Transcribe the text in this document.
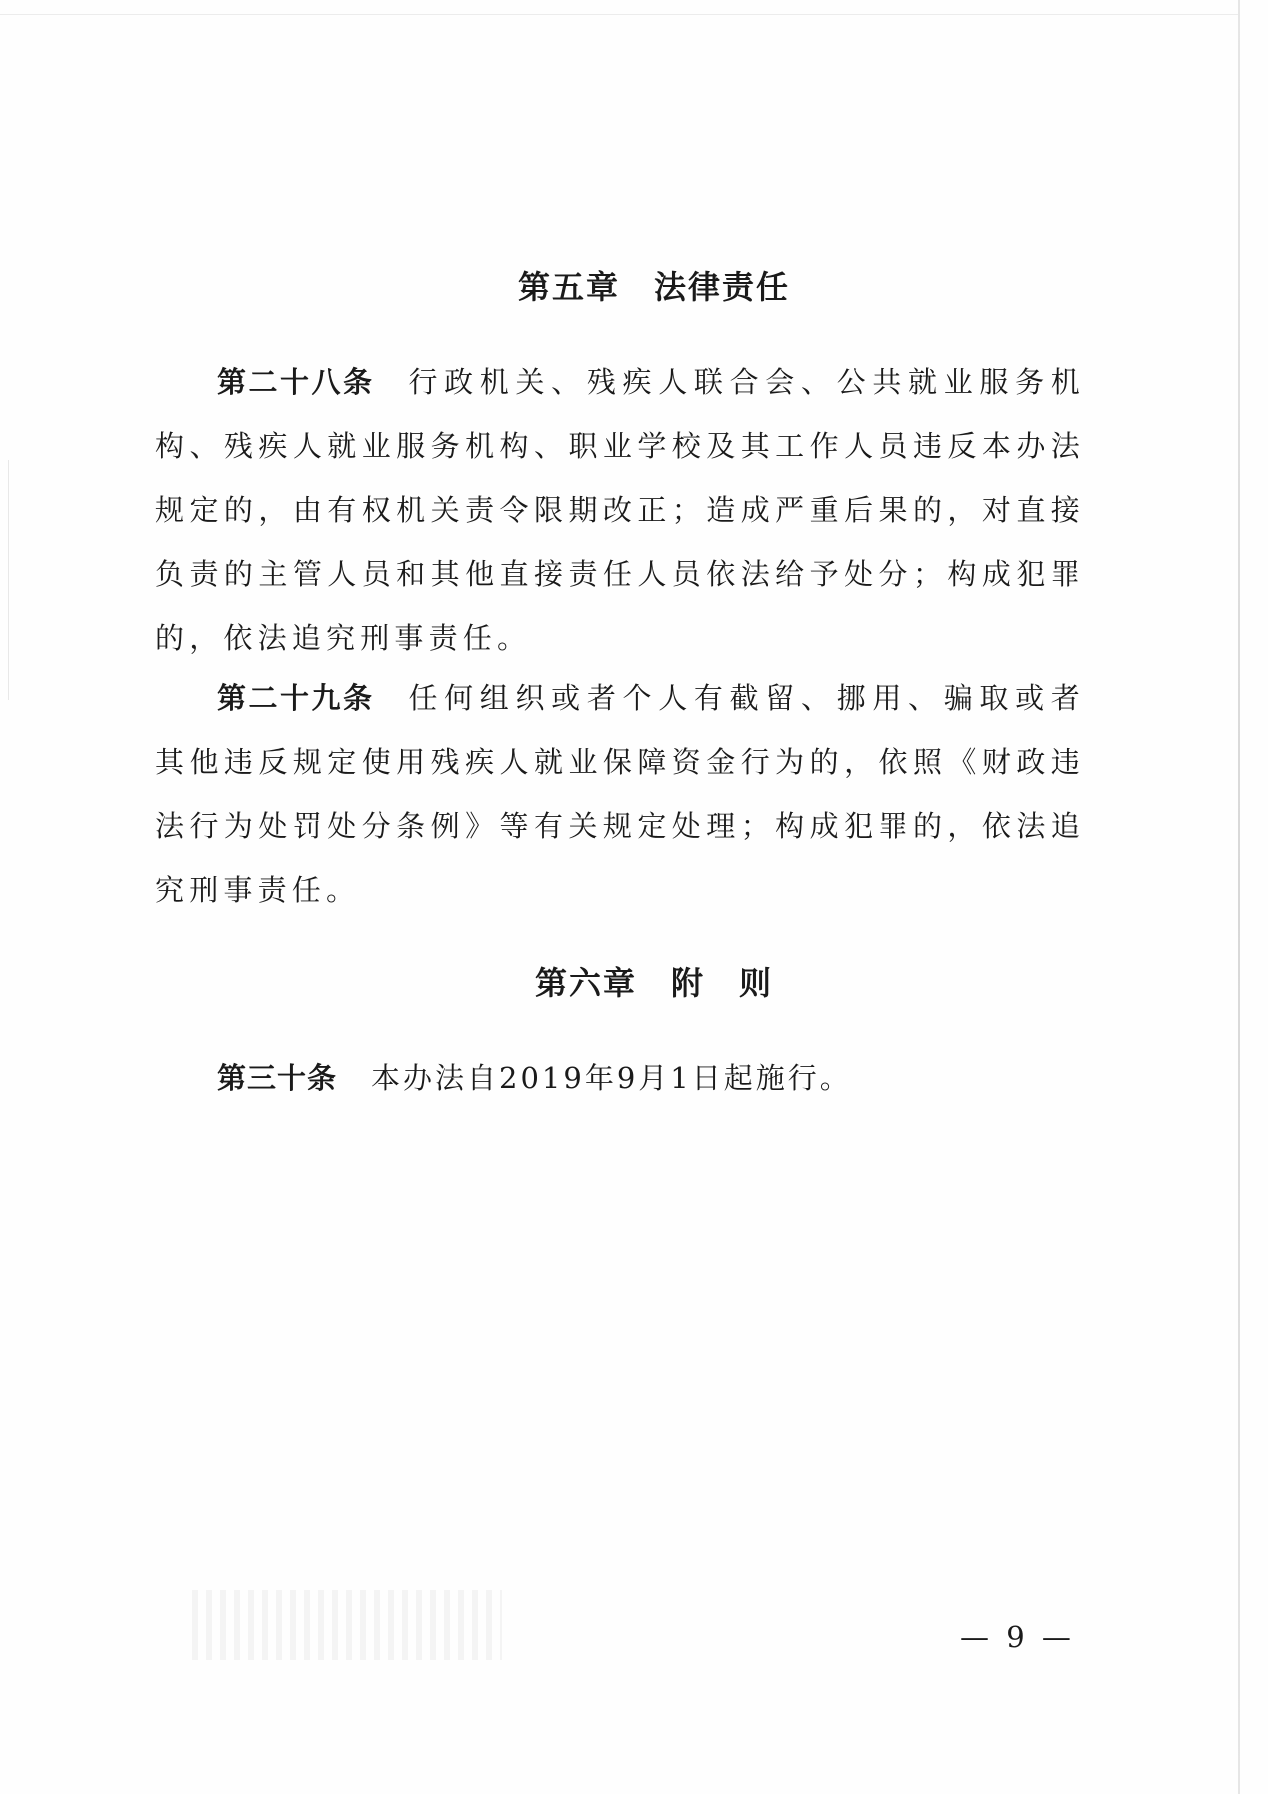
第五章　法律责任
第二十八条 行政机关、残疾人联合会、公共就业服务机构、残疾人就业服务机构、职业学校及其工作人员违反本办法规定的，由有权机关责令限期改正；造成严重后果的，对直接负责的主管人员和其他直接责任人员依法给予处分；构成犯罪的，依法追究刑事责任。
第二十九条 任何组织或者个人有截留、挪用、骗取或者其他违反规定使用残疾人就业保障资金行为的，依照《财政违法行为处罚处分条例》等有关规定处理；构成犯罪的，依法追究刑事责任。
第六章　附　则
第三十条 本办法自2019年9月1日起施行。
— 9 —
